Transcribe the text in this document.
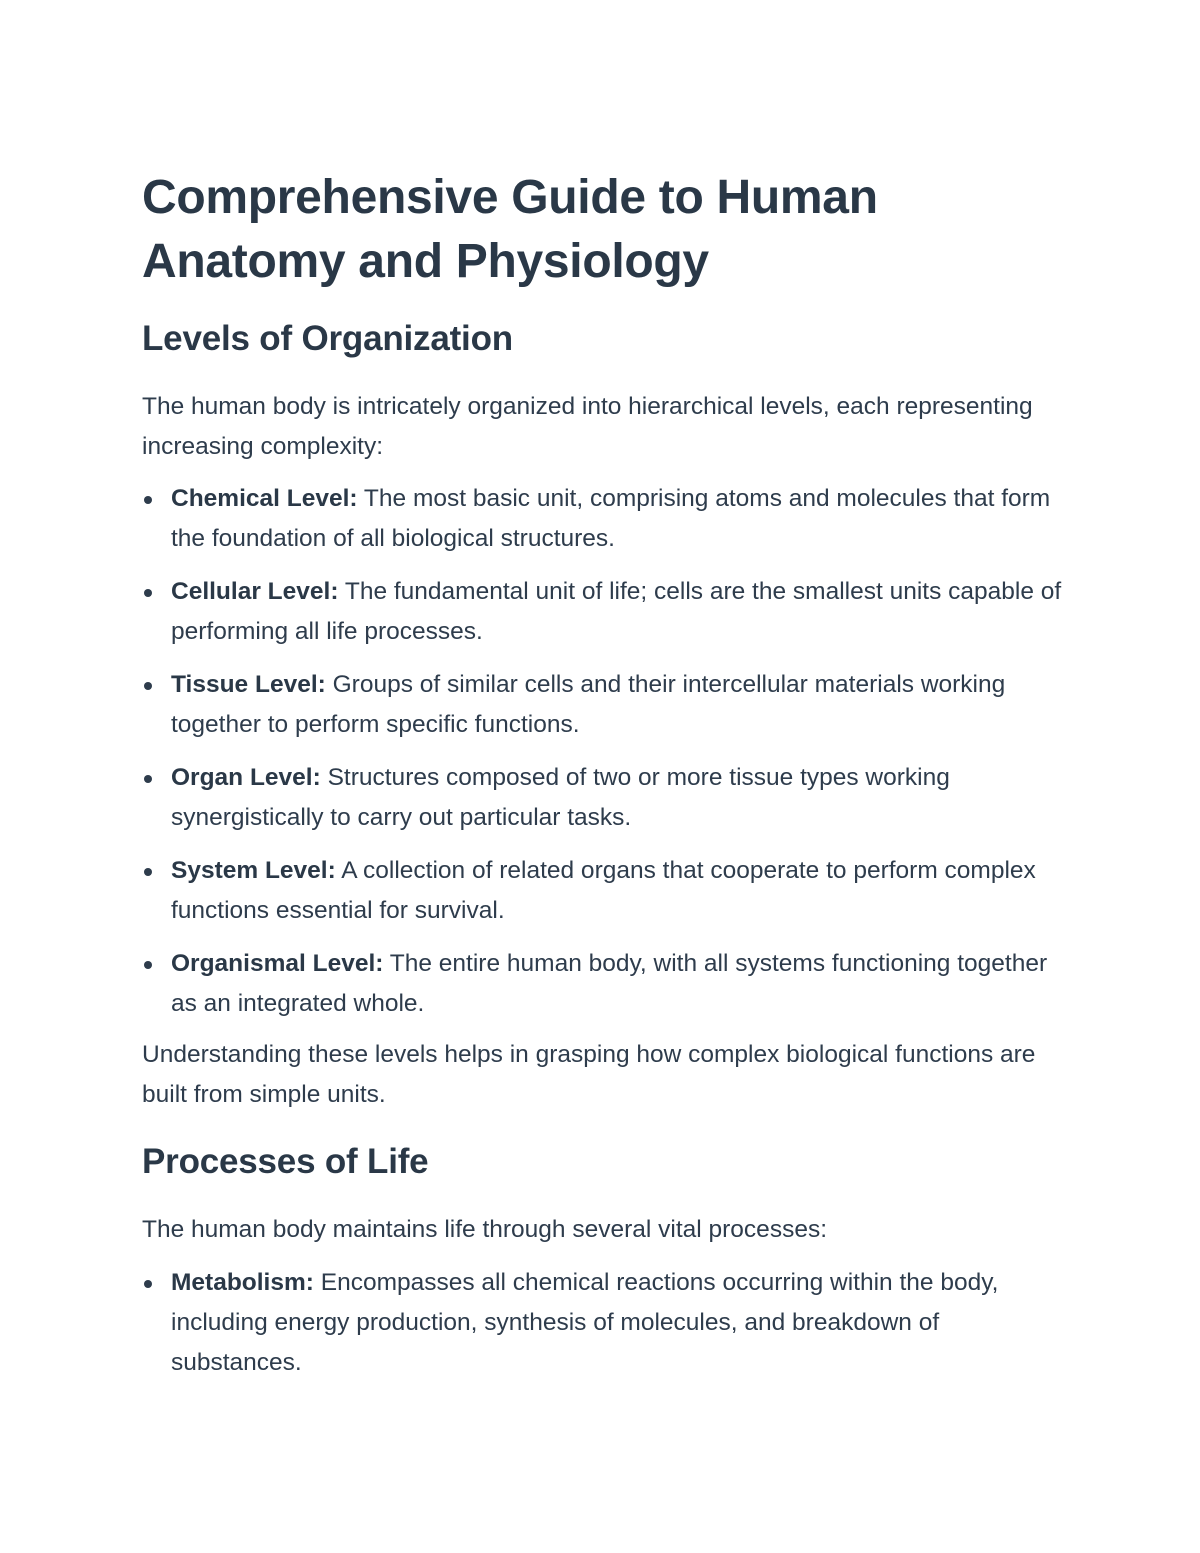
Comprehensive Guide to Human Anatomy and Physiology
Levels of Organization

The human body is intricately organized into hierarchical levels, each representing increasing complexity:

Chemical Level: The most basic unit, comprising atoms and molecules that form the foundation of all biological structures.
Cellular Level: The fundamental unit of life; cells are the smallest units capable of performing all life processes.
Tissue Level: Groups of similar cells and their intercellular materials working together to perform specific functions.
Organ Level: Structures composed of two or more tissue types working synergistically to carry out particular tasks.
System Level: A collection of related organs that cooperate to perform complex functions essential for survival.
Organismal Level: The entire human body, with all systems functioning together as an integrated whole.

Understanding these levels helps in grasping how complex biological functions are built from simple units.

Processes of Life

The human body maintains life through several vital processes:

Metabolism: Encompasses all chemical reactions occurring within the body, including energy production, synthesis of molecules, and breakdown of substances.
